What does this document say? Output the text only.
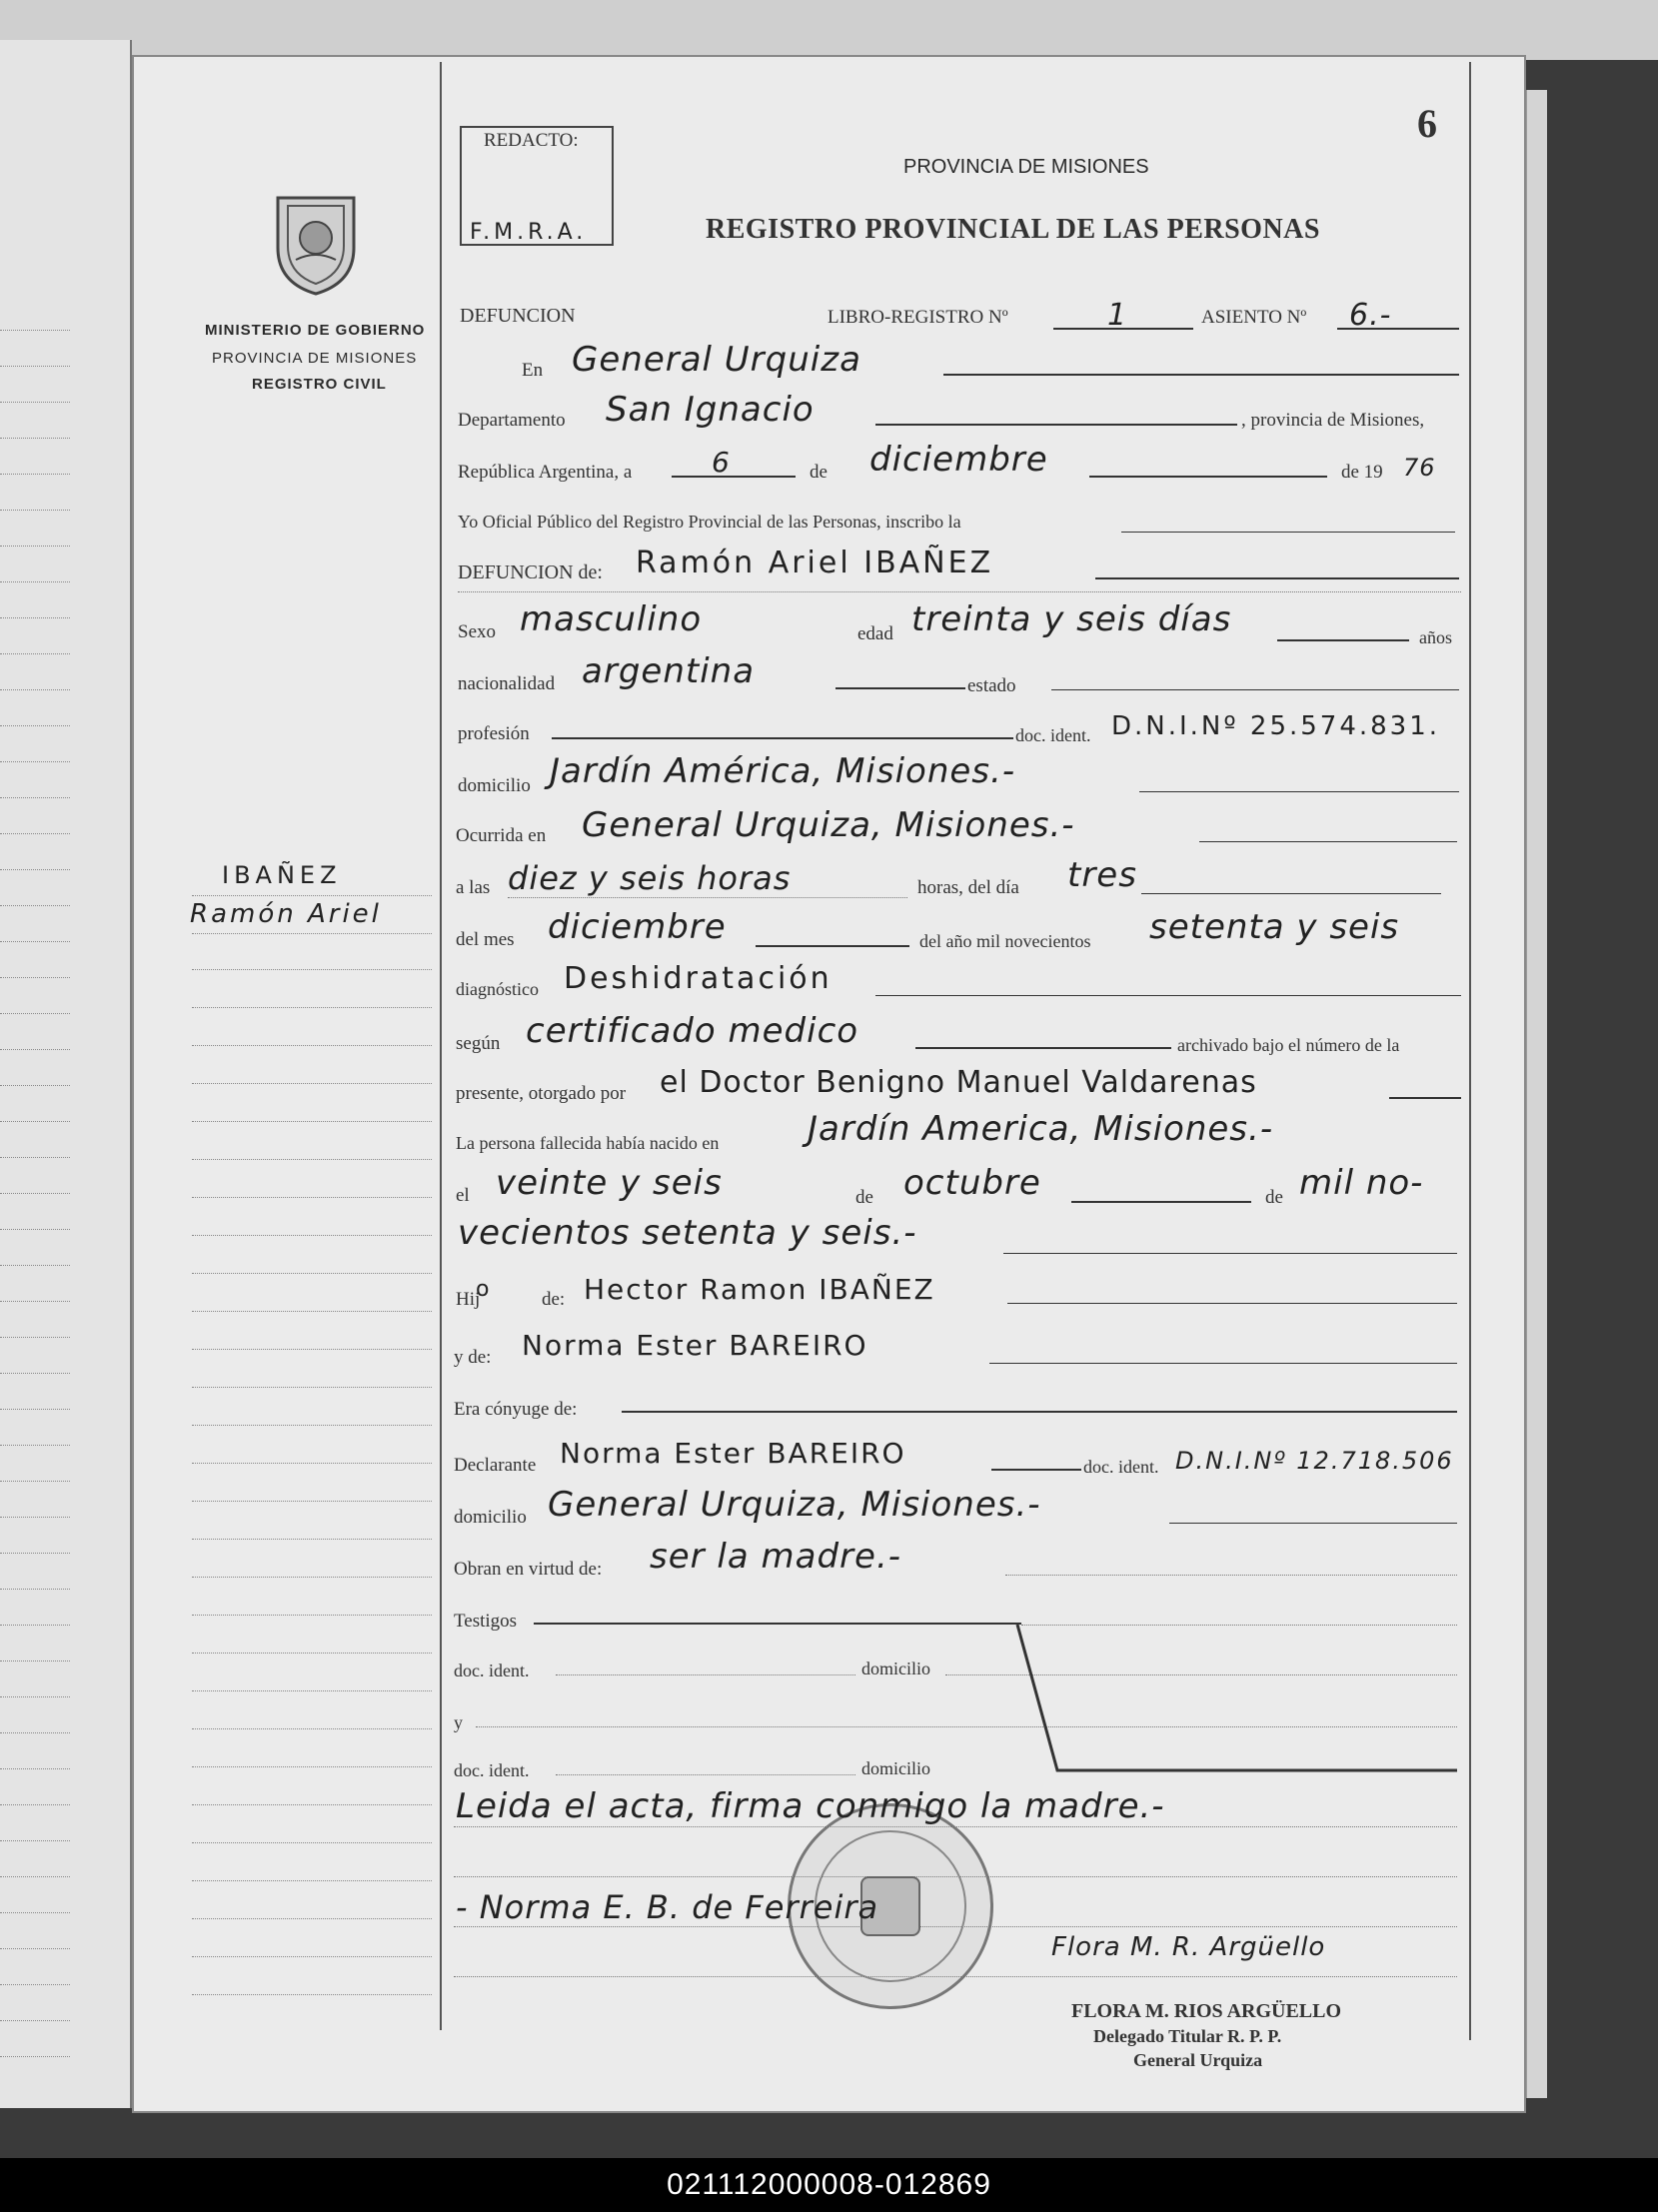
MINISTERIO DE GOBIERNO
PROVINCIA DE MISIONES
REGISTRO CIVIL
IBAÑEZ
Ramón Ariel
REDACTO:
F.M.R.A.
6
PROVINCIA DE MISIONES
REGISTRO PROVINCIAL DE LAS PERSONAS
DEFUNCION	LIBRO-REGISTRO Nº	1	ASIENTO Nº 6.-
En General Urquiza
Departamento San Ignacio	, provincia de Misiones,
República Argentina, a	6	de diciembre	de 19 76
Yo Oficial Público del Registro Provincial de las Personas, inscribo la
DEFUNCION de: Ramón Ariel IBAÑEZ
Sexo masculino	edad treinta y seis días	años
nacionalidad argentina	estado
profesión	doc. ident. D.N.I.Nº 25.574.831.
domicilio Jardín América, Misiones.-
Ocurrida en General Urquiza, Misiones.-
a las diez y seis horas	horas, del día tres
del mes diciembre	del año mil novecientos setenta y seis
diagnóstico Deshidratación
según certificado medico	archivado bajo el número de la
presente, otorgado por el Doctor Benigno Manuel Valdarenas
La persona fallecida había nacido en	Jardín America, Misiones.-
el veinte y seis	de octubre	de mil no-
vecientos setenta y seis.-
Hij
o	de: Hector Ramon IBAÑEZ
y de: Norma Ester BAREIRO
Era cónyuge de:
Declarante Norma Ester BAREIRO	doc. ident. D.N.I.Nº 12.718.506
domicilio General Urquiza, Misiones.-
Obran en virtud de: ser la madre.-
Testigos
doc. ident.	domicilio
y
doc. ident.	domicilio
Leida el acta, firma conmigo la madre.-
- Norma E. B. de Ferreira
Flora M. R. Argüello
FLORA M. RIOS ARGÜELLO
Delegado Titular R. P. P.
General Urquiza
021112000008-012869
